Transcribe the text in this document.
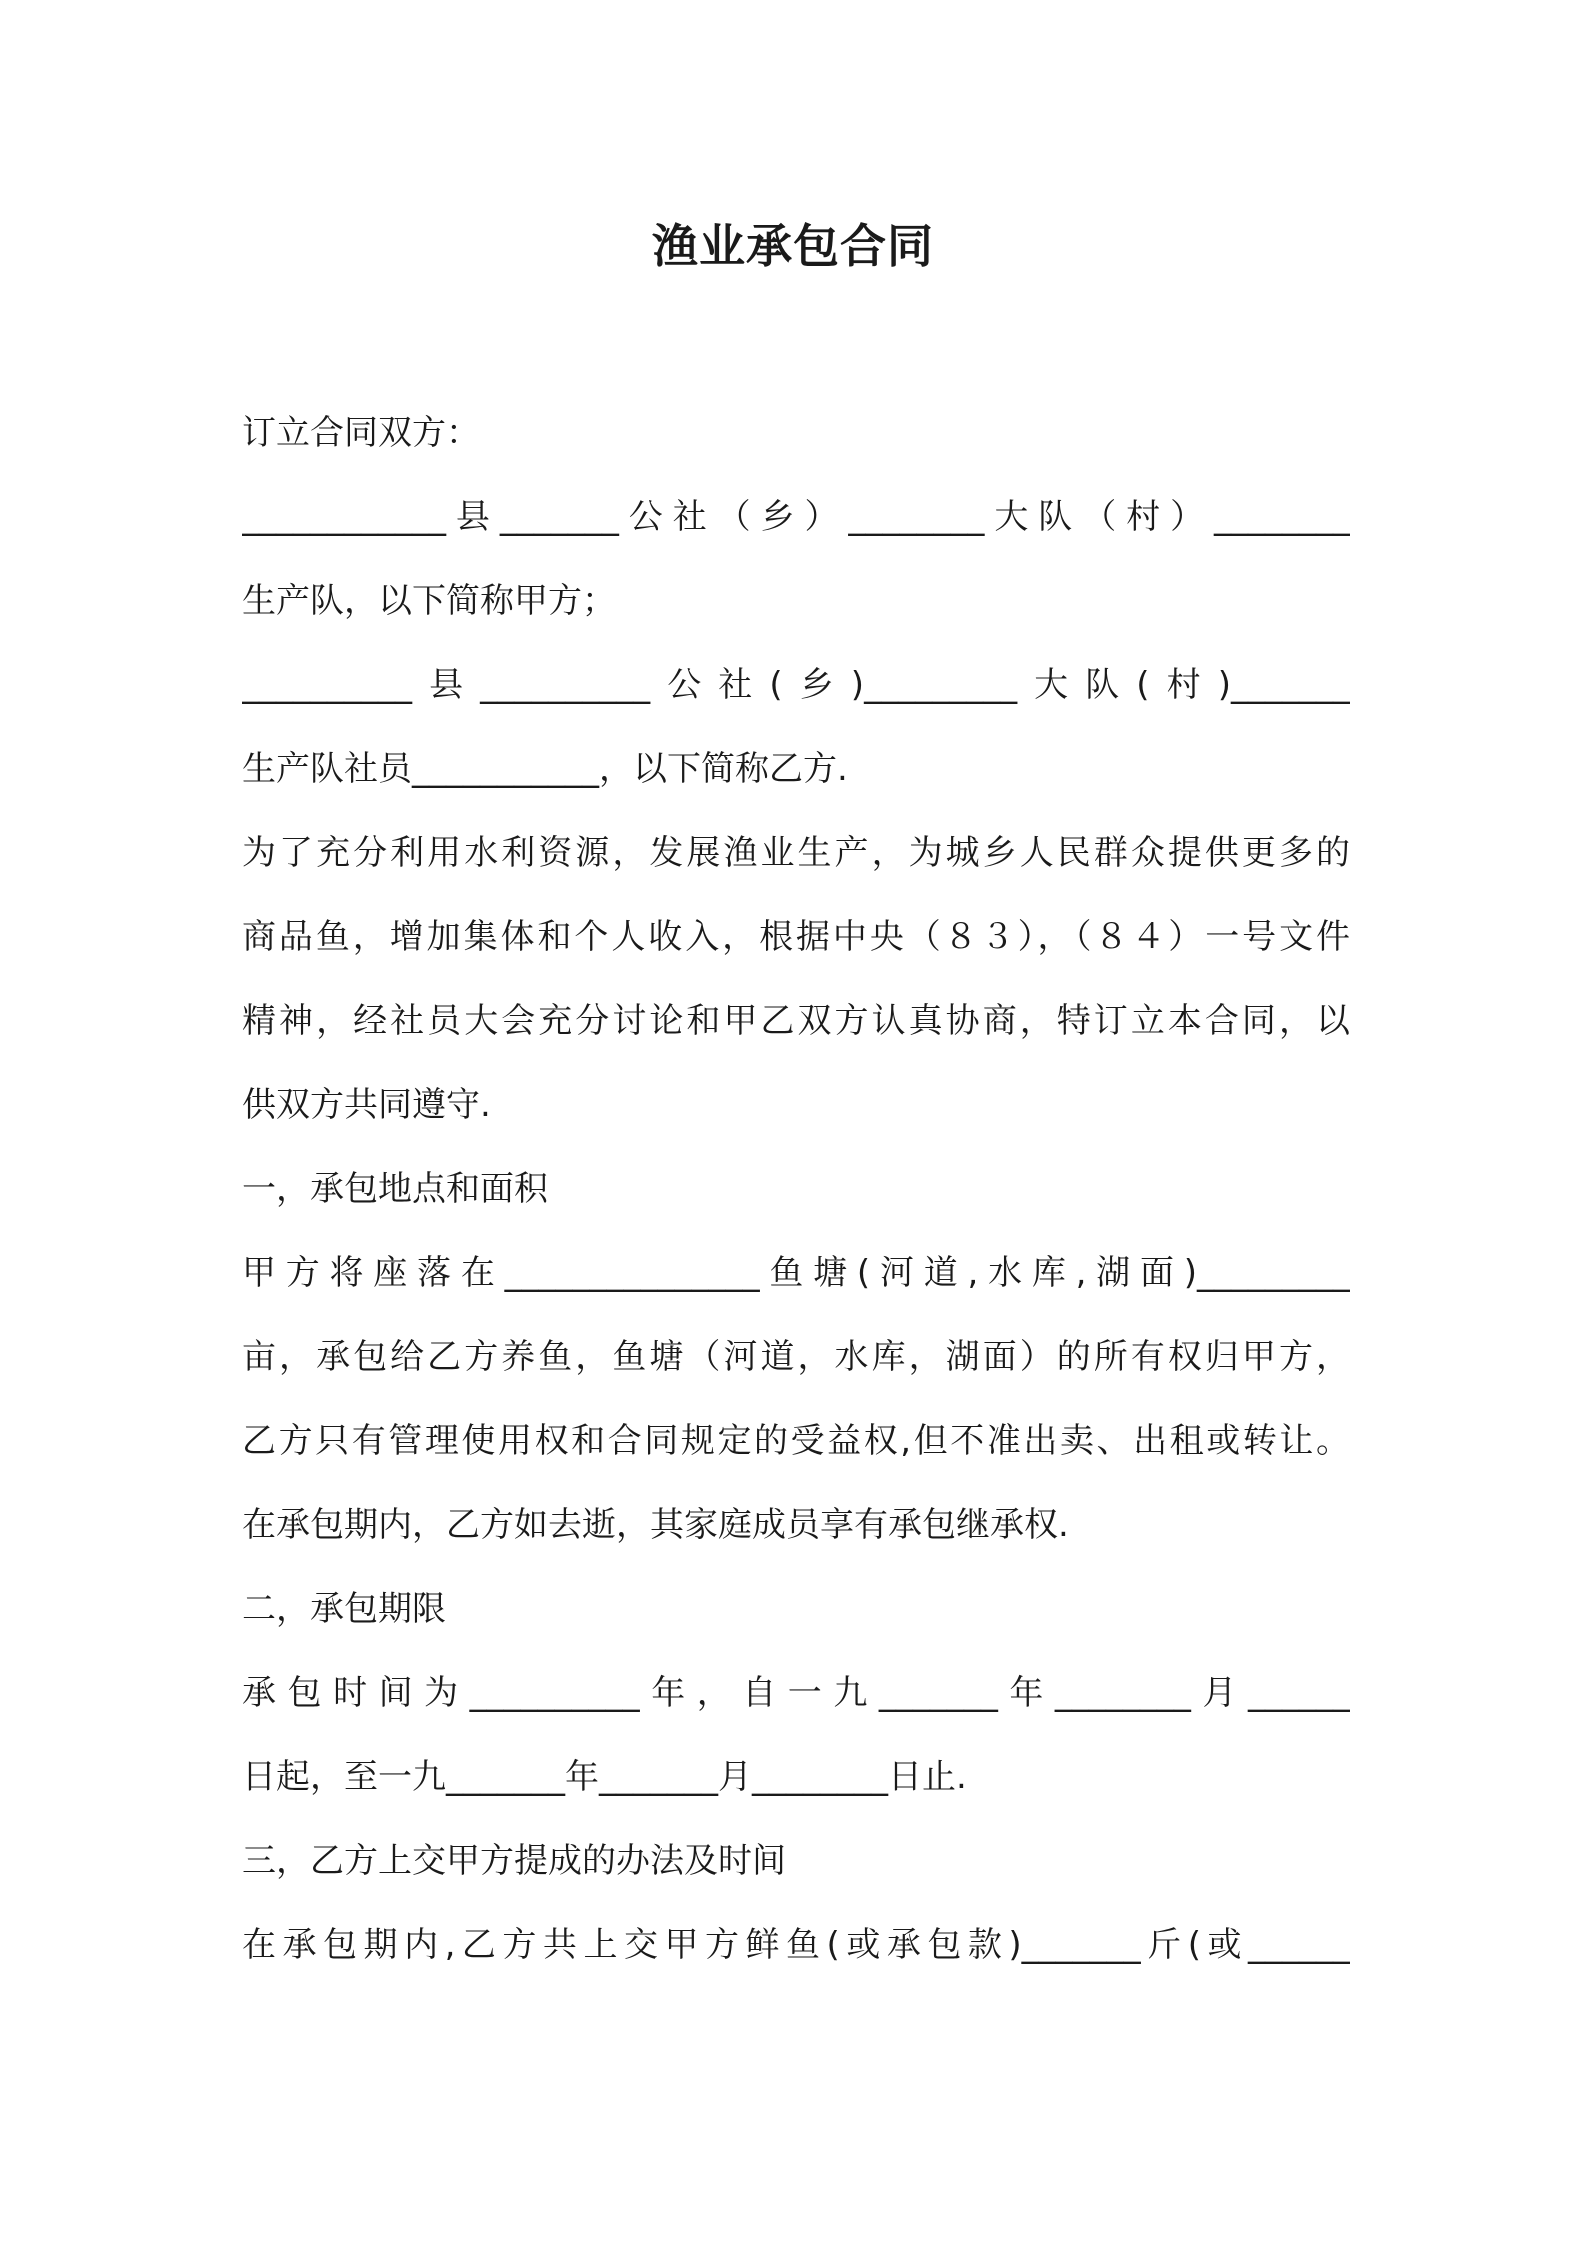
渔业承包合同
订立合同双方：
____________县_______公社（乡）________大队（村）________
生产队，以下简称甲方；
__________县__________公社(乡)_________大队(村)_______
生产队社员___________，以下简称乙方.
为了充分利用水利资源，发展渔业生产，为城乡人民群众提供更多的
商品鱼，增加集体和个人收入，根据中央（８３），（８４）一号文件
精神，经社员大会充分讨论和甲乙双方认真协商，特订立本合同，以
供双方共同遵守.
一，承包地点和面积
甲方将座落在_______________鱼塘(河道,水库,湖面)_________
亩，承包给乙方养鱼，鱼塘（河道，水库，湖面）的所有权归甲方，
乙方只有管理使用权和合同规定的受益权,但不准出卖、出租或转让。
在承包期内，乙方如去逝，其家庭成员享有承包继承权.
二，承包期限
承包时间为__________年，自一九_______年________月______
日起，至一九_______年_______月________日止.
三，乙方上交甲方提成的办法及时间
在承包期内,乙方共上交甲方鲜鱼(或承包款)_______斤(或______
